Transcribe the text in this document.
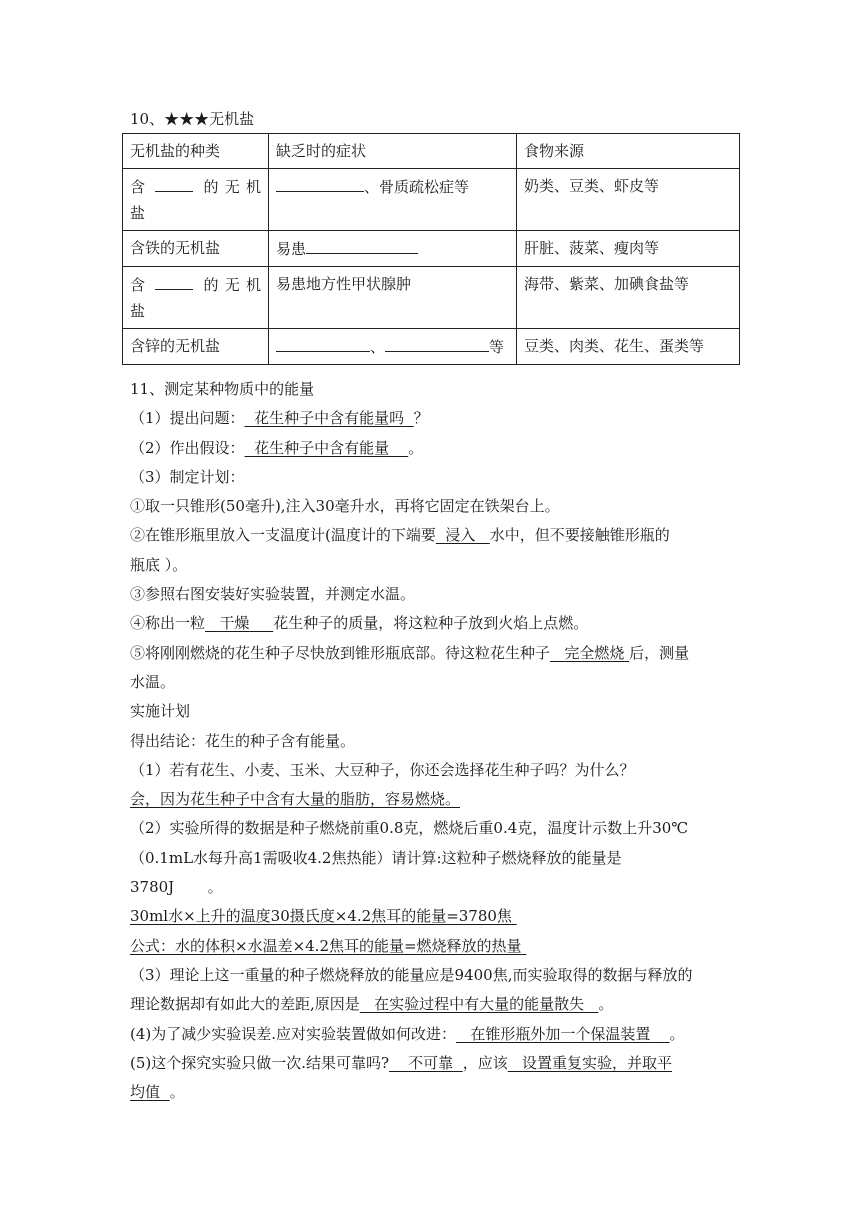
10、★★★无机盐
无机盐的种类	缺乏时的症状	食物来源

含 的无机
盐	、骨质疏松症等	奶类、豆类、虾皮等
含铁的无机盐	易患	肝脏、菠菜、瘦肉等

含 的无机
盐	易患地方性甲状腺肿	海带、紫菜、加碘食盐等
含锌的无机盐	、 等	豆类、肉类、花生、蛋类等
11、测定某种物质中的能量
（1）提出问题： 花生种子中含有能量吗 ？
（2）作出假设： 花生种子中含有能量 。
（3）制定计划：
①取一只锥形(50毫升),注入30毫升水，再将它固定在铁架台上。
②在锥形瓶里放入一支温度计(温度计的下端要 浸入 水中，但不要接触锥形瓶的
瓶底 ）。
③参照右图安装好实验装置，并测定水温。
④称出一粒 干燥 花生种子的质量，将这粒种子放到火焰上点燃。
⑤将刚刚燃烧的花生种子尽快放到锥形瓶底部。待这粒花生种子 完全燃烧 后，测量
水温。
实施计划
得出结论：花生的种子含有能量。
（1）若有花生、小麦、玉米、大豆种子，你还会选择花生种子吗？为什么？
会，因为花生种子中含有大量的脂肪，容易燃烧。
（2）实验所得的数据是种子燃烧前重0.8克，燃烧后重0.4克，温度计示数上升30℃
（0.1mL水每升高1需吸收4.2焦热能）请计算:这粒种子燃烧释放的能量是
3780J 。
30ml水×上升的温度30摄氏度×4.2焦耳的能量=3780焦
公式：水的体积×水温差×4.2焦耳的能量=燃烧释放的热量
（3）理论上这一重量的种子燃烧释放的能量应是9400焦,而实验取得的数据与释放的
理论数据却有如此大的差距,原因是 在实验过程中有大量的能量散失 。
(4)为了减少实验误差.应对实验装置做如何改进： 在锥形瓶外加一个保温装置 。
(5)这个探究实验只做一次.结果可靠吗? 不可靠 ，应该 设置重复实验，并取平
均值 。
